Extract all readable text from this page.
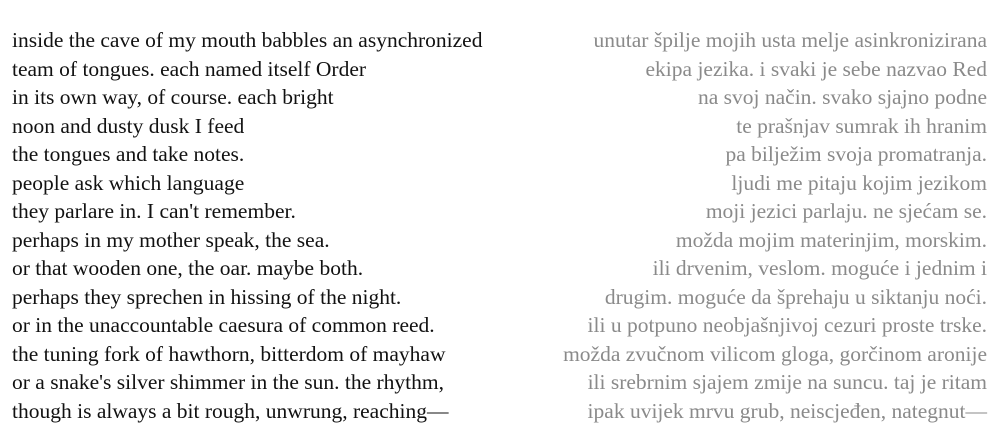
inside the cave of my mouth babbles an asynchronized	unutar špilje mojih usta melje asinkronizirana
team of tongues. each named itself Order	ekipa jezika. i svaki je sebe nazvao Red
in its own way, of course. each bright	na svoj način. svako sjajno podne
noon and dusty dusk I feed	te prašnjav sumrak ih hranim
the tongues and take notes.	pa bilježim svoja promatranja.
people ask which language	ljudi me pitaju kojim jezikom
they parlare in. I can't remember.	moji jezici parlaju. ne sjećam se.
perhaps in my mother speak, the sea.	možda mojim materinjim, morskim.
or that wooden one, the oar. maybe both.	ili drvenim, veslom. moguće i jednim i
perhaps they sprechen in hissing of the night.	drugim. moguće da šprehaju u siktanju noći.
or in the unaccountable caesura of common reed.	ili u potpuno neobjašnjivoj cezuri proste trske.
the tuning fork of hawthorn, bitterdom of mayhaw	možda zvučnom vilicom gloga, gorčinom aronije
or a snake's silver shimmer in the sun. the rhythm,	ili srebrnim sjajem zmije na suncu. taj je ritam
though is always a bit rough, unwrung, reaching—	ipak uvijek mrvu grub, neiscjeđen, nategnut—
